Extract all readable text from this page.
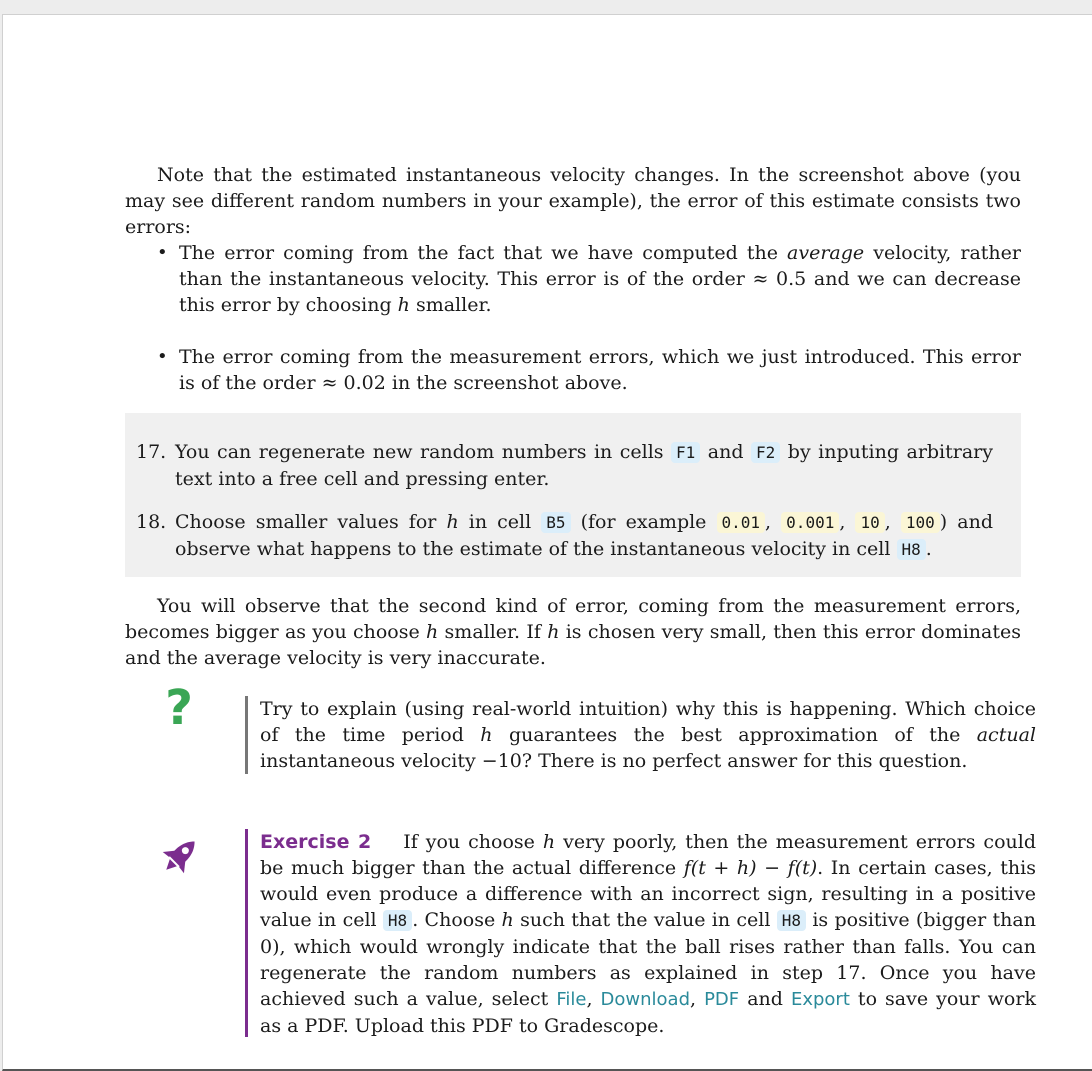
Note that the estimated instantaneous velocity changes. In the screenshot above (you may see different random numbers in your example), the error of this estimate consists two errors:

• The error coming from the fact that we have computed the average velocity, rather than the instantaneous velocity. This error is of the order ≈ 0.5 and we can decrease this error by choosing h smaller.
• The error coming from the measurement errors, which we just introduced. This error is of the order ≈ 0.02 in the screenshot above.
17. You can regenerate new random numbers in cells F1 and F2 by inputing arbitrary text into a free cell and pressing enter.
18. Choose smaller values for h in cell B5 (for example 0.01 , 0.001 , 10 , 100 ) and observe what happens to the estimate of the instantaneous velocity in cell H8 .

You will observe that the second kind of error, coming from the measurement errors, becomes bigger as you choose h smaller. If h is chosen very small, then this error dominates and the average velocity is very inaccurate.

?	Try to explain (using real-world intuition) why this is happening. Which choice of the time period h guarantees the best approximation of the actual instantaneous velocity −10? There is no perfect answer for this question.
Exercise 2 If you choose h very poorly, then the measurement errors could be much bigger than the actual difference f(t + h) − f(t). In certain cases, this would even produce a difference with an incorrect sign, resulting in a positive value in cell H8 . Choose h such that the value in cell H8 is positive (bigger than 0), which would wrongly indicate that the ball rises rather than falls. You can regenerate the random numbers as explained in step 17. Once you have achieved such a value, select File, Download, PDF and Export to save your work as a PDF. Upload this PDF to Gradescope.
